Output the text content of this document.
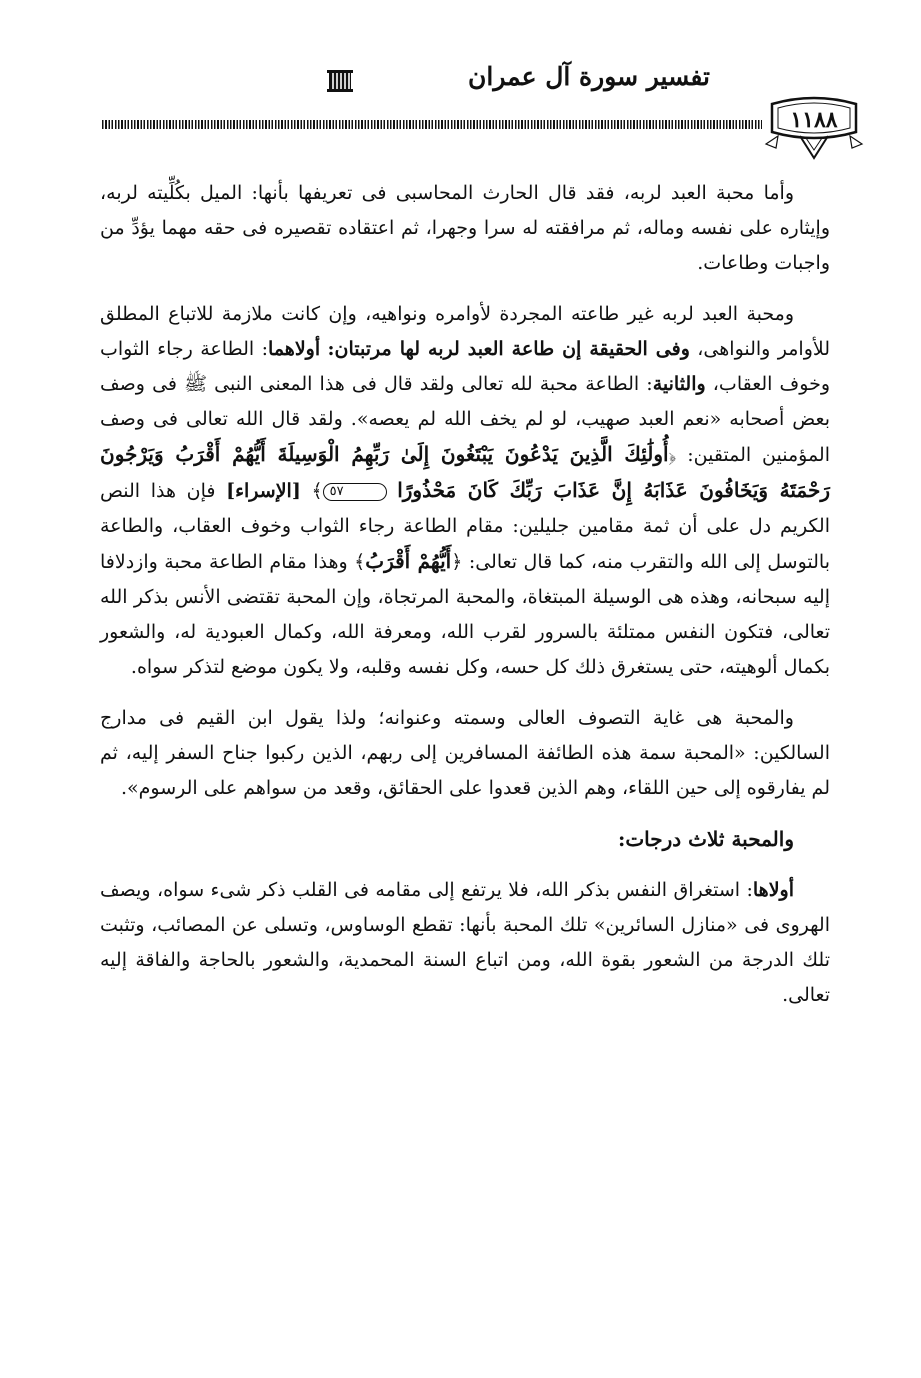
تفسير سورة آل عمران
١١٨٨

وأما محبة العبد لربه، فقد قال الحارث المحاسبى فى تعريفها بأنها: الميل بكُلِّيته لربه، وإيثاره على نفسه وماله، ثم مرافقته له سرا وجهرا، ثم اعتقاده تقصيره فى حقه مهما يؤدِّ من واجبات وطاعات.

ومحبة العبد لربه غير طاعته المجردة لأوامره ونواهيه، وإن كانت ملازمة للاتباع المطلق للأوامر والنواهى، وفى الحقيقة إن طاعة العبد لربه لها مرتبتان: أولاهما: الطاعة رجاء الثواب وخوف العقاب، والثانية: الطاعة محبة لله تعالى ولقد قال فى هذا المعنى النبى ﷺ فى وصف بعض أصحابه «نعم العبد صهيب، لو لم يخف الله لم يعصه». ولقد قال الله تعالى فى وصف المؤمنين المتقين: ﴿أُولَٰئِكَ الَّذِينَ يَدْعُونَ يَبْتَغُونَ إِلَىٰ رَبِّهِمُ الْوَسِيلَةَ أَيُّهُمْ أَقْرَبُ وَيَرْجُونَ رَحْمَتَهُ وَيَخَافُونَ عَذَابَهُ إِنَّ عَذَابَ رَبِّكَ كَانَ مَحْذُورًا ٥٧﴾ [الإسراء] فإن هذا النص الكريم دل على أن ثمة مقامين جليلين: مقام الطاعة رجاء الثواب وخوف العقاب، والطاعة بالتوسل إلى الله والتقرب منه، كما قال تعالى: ﴿أَيُّهُمْ أَقْرَبُ﴾ وهذا مقام الطاعة محبة وازدلافا إليه سبحانه، وهذه هى الوسيلة المبتغاة، والمحبة المرتجاة، وإن المحبة تقتضى الأنس بذكر الله تعالى، فتكون النفس ممتلئة بالسرور لقرب الله، ومعرفة الله، وكمال العبودية له، والشعور بكمال ألوهيته، حتى يستغرق ذلك كل حسه، وكل نفسه وقلبه، ولا يكون موضع لتذكر سواه.

والمحبة هى غاية التصوف العالى وسمته وعنوانه؛ ولذا يقول ابن القيم فى مدارج السالكين: «المحبة سمة هذه الطائفة المسافرين إلى ربهم، الذين ركبوا جناح السفر إليه، ثم لم يفارقوه إلى حين اللقاء، وهم الذين قعدوا على الحقائق، وقعد من سواهم على الرسوم».

والمحبة ثلاث درجات:

أولاها: استغراق النفس بذكر الله، فلا يرتفع إلى مقامه فى القلب ذكر شىء سواه، ويصف الهروى فى «منازل السائرين» تلك المحبة بأنها: تقطع الوساوس، وتسلى عن المصائب، وتثبت تلك الدرجة من الشعور بقوة الله، ومن اتباع السنة المحمدية، والشعور بالحاجة والفاقة إليه تعالى.
